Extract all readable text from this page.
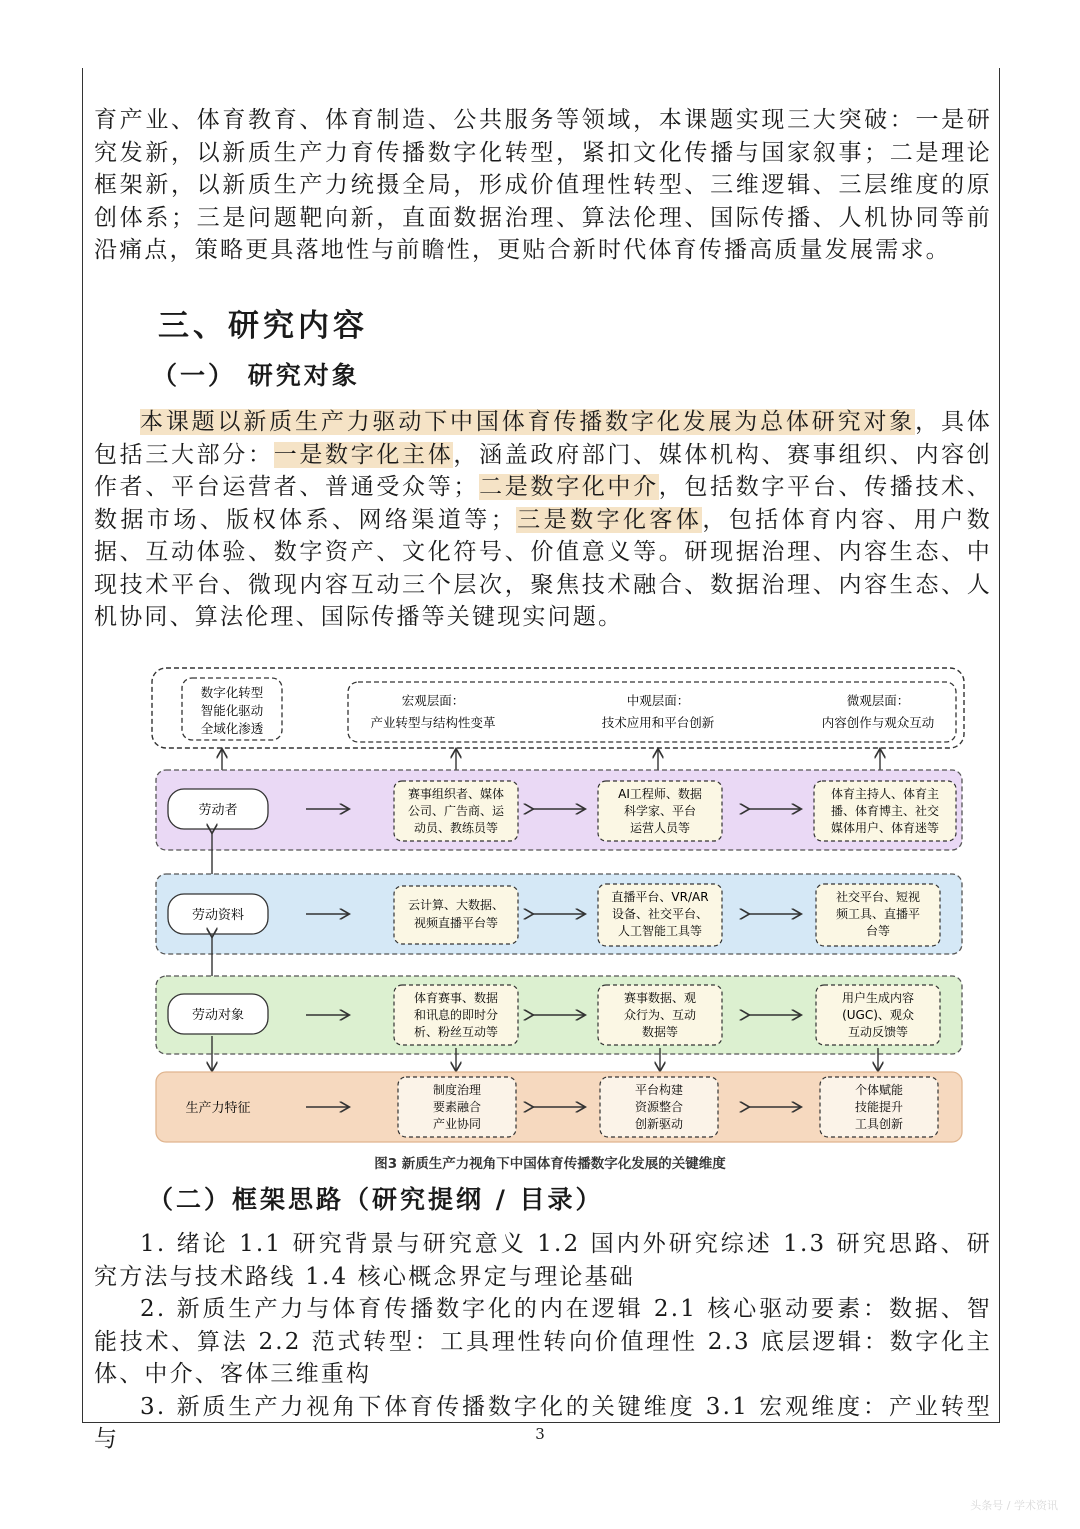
育产业、体育教育、体育制造、公共服务等领域，本课题实现三大突破：一是研究发新，以新质生产力育传播数字化转型，紧扣文化传播与国家叙事；二是理论框架新，以新质生产力统摄全局，形成价值理性转型、三维逻辑、三层维度的原创体系；三是问题靶向新，直面数据治理、算法伦理、国际传播、人机协同等前沿痛点，策略更具落地性与前瞻性，更贴合新时代体育传播高质量发展需求。

三、研究内容
（一） 研究对象

本课题以新质生产力驱动下中国体育传播数字化发展为总体研究对象，具体包括三大部分：一是数字化主体，涵盖政府部门、媒体机构、赛事组织、内容创作者、平台运营者、普通受众等；二是数字化中介，包括数字平台、传播技术、数据市场、版权体系、网络渠道等；三是数字化客体，包括体育内容、用户数据、互动体验、数字资产、文化符号、价值意义等。研现据治理、内容生态、中现技术平台、微现内容互动三个层次，聚焦技术融合、数据治理、内容生态、人机协同、算法伦理、国际传播等关键现实问题。

数字化转型
智能化驱动
全域化渗透
宏观层面：
产业转型与结构性变革
中观层面：
技术应用和平台创新
微观层面：
内容创作与观众互动
劳动者
赛事组织者、媒体
公司、广告商、运
动员、教练员等
AI工程师、数据
科学家、平台
运营人员等
体育主持人、体育主
播、体育博主、社交
媒体用户、体育迷等
劳动资料
云计算、大数据、
视频直播平台等
直播平台、VR/AR
设备、社交平台、
人工智能工具等
社交平台、短视
频工具、直播平
台等
劳动对象
体育赛事、数据
和讯息的即时分
析、粉丝互动等
赛事数据、观
众行为、互动
数据等
用户生成内容
(UGC)、观众
互动反馈等
生产力特征
制度治理
要素融合
产业协同
平台构建
资源整合
创新驱动
个体赋能
技能提升
工具创新
图3 新质生产力视角下中国体育传播数字化发展的关键维度
（二）框架思路（研究提纲 / 目录）

1. 绪论 1.1 研究背景与研究意义 1.2 国内外研究综述 1.3 研究思路、研究方法与技术路线 1.4 核心概念界定与理论基础

2. 新质生产力与体育传播数字化的内在逻辑 2.1 核心驱动要素：数据、智能技术、算法 2.2 范式转型：工具理性转向价值理性 2.3 底层逻辑：数字化主体、中介、客体三维重构

3. 新质生产力视角下体育传播数字化的关键维度 3.1 宏观维度：产业转型与	3
头条号 / 学术资讯
